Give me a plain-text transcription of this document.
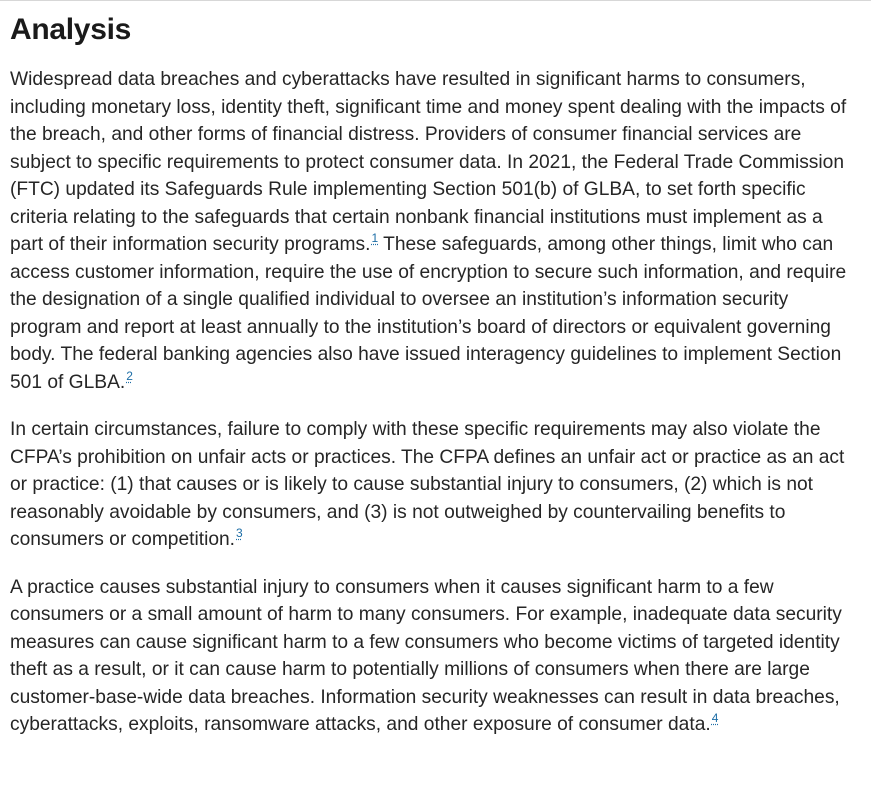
Analysis

Widespread data breaches and cyberattacks have resulted in significant harms to consumers, including monetary loss, identity theft, significant time and money spent dealing with the impacts of the breach, and other forms of financial distress. Providers of consumer financial services are subject to specific requirements to protect consumer data. In 2021, the Federal Trade Commission (FTC) updated its Safeguards Rule implementing Section 501(b) of GLBA, to set forth specific criteria relating to the safeguards that certain nonbank financial institutions must implement as a part of their information security programs.$^1$ These safeguards, among other things, limit who can access customer information, require the use of encryption to secure such information, and require the designation of a single qualified individual to oversee an institution’s information security program and report at least annually to the institution’s board of directors or equivalent governing body. The federal banking agencies also have issued interagency guidelines to implement Section 501 of GLBA.$^2$

In certain circumstances, failure to comply with these specific requirements may also violate the CFPA’s prohibition on unfair acts or practices. The CFPA defines an unfair act or practice as an act or practice: (1) that causes or is likely to cause substantial injury to consumers, (2) which is not reasonably avoidable by consumers, and (3) is not outweighed by countervailing benefits to consumers or competition.$^3$

A practice causes substantial injury to consumers when it causes significant harm to a few consumers or a small amount of harm to many consumers. For example, inadequate data security measures can cause significant harm to a few consumers who become victims of targeted identity theft as a result, or it can cause harm to potentially millions of consumers when there are large customer-base-wide data breaches. Information security weaknesses can result in data breaches, cyberattacks, exploits, ransomware attacks, and other exposure of consumer data.$^4$
